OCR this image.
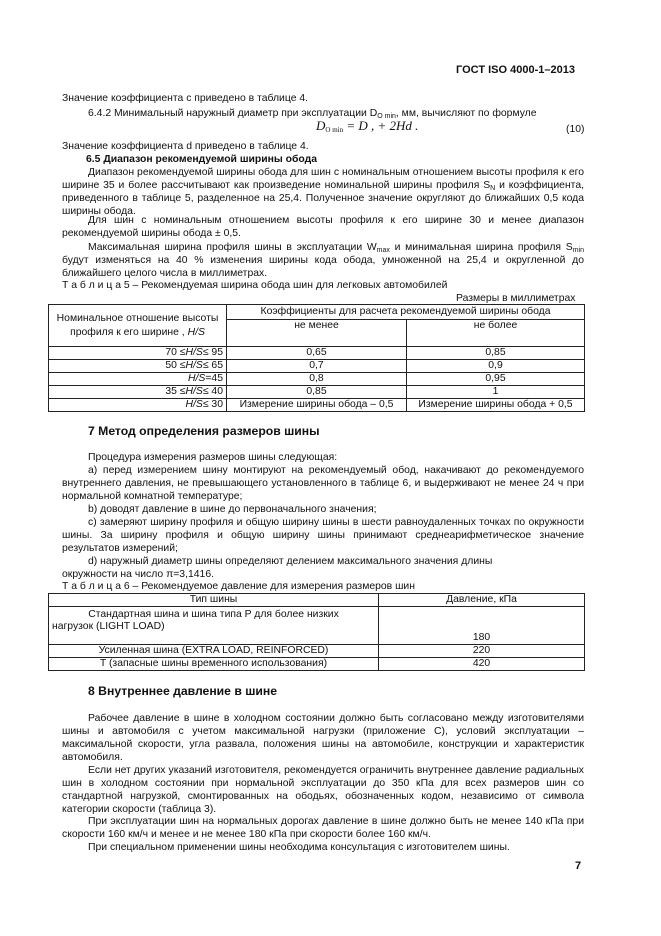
ГОСТ ISO 4000-1–2013
Значение коэффициента c приведено в таблице 4.
6.4.2 Минимальный наружный диаметр при эксплуатации $D_{O min}$, мм, вычисляют по формуле
$D_{O min} = D$ , + 2Hd .	(10)
Значение коэффициента d приведено в таблице 4.
6.5 Диапазон рекомендуемой ширины обода
Диапазон рекомендуемой ширины обода для шин с номинальным отношением высоты профиля к его ширине 35 и более рассчитывают как произведение номинальной ширины профиля $S_N$ и коэффициента, приведенного в таблице 5, разделенное на 25,4. Полученное значение округляют до ближайших 0,5 кода ширины обода.
Для шин с номинальным отношением высоты профиля к его ширине 30 и менее диапазон рекомендуемой ширины обода ± 0,5.
Максимальная ширина профиля шины в эксплуатации $W_{max}$ и минимальная ширина профиля $S_{min}$ будут изменяться на 40 % изменения ширины кода обода, умноженной на 25,4 и округленной до ближайшего целого числа в миллиметрах.
Т а б л и ц а 5 – Рекомендуемая ширина обода шин для легковых автомобилей
Размеры в миллиметрах
Номинальное отношение высоты профиля к его ширине , H/S	Коэффициенты для расчета рекомендуемой ширины обода	
	не менее	не более
70 ≤H/S≤ 95	0,65	0,85
50 ≤H/S≤ 65	0,7	0,9
H/S=45	0,8	0,95
35 ≤H/S≤ 40	0,85	1
H/S≤ 30	Измерение ширины обода – 0,5	Измерение ширины обода + 0,5
7 Метод определения размеров шины
Процедура измерения размеров шины следующая:
а) перед измерением шину монтируют на рекомендуемый обод, накачивают до рекомендуемого внутреннего давления, не превышающего установленного в таблице 6, и выдерживают не менее 24 ч при нормальной комнатной температуре;
b) доводят давление в шине до первоначального значения;
c) замеряют ширину профиля и общую ширину шины в шести равноудаленных точках по окружности шины. За ширину профиля и общую ширину шины принимают среднеарифметическое значение результатов измерений;
d) наружный диаметр шины определяют делением максимального значения длины
окружности на число π=3,1416.
Т а б л и ц а 6 – Рекомендуемое давление для измерения размеров шин
Тип шины	Давление, кПа

Стандартная шина и шина типа P для более низких
нагрузок (LIGHT LOAD)	180
Усиленная шина (EXTRA LOAD, REINFORCED)	220
T (запасные шины временного использования)	420
8 Внутреннее давление в шине
Рабочее давление в шине в холодном состоянии должно быть согласовано между изготовителями шины и автомобиля с учетом максимальной нагрузки (приложение C), условий эксплуатации – максимальной скорости, угла развала, положения шины на автомобиле, конструкции и характеристик автомобиля.
Если нет других указаний изготовителя, рекомендуется ограничить внутреннее давление радиальных шин в холодном состоянии при нормальной эксплуатации до 350 кПа для всех размеров шин со стандартной нагрузкой, смонтированных на ободьях, обозначенных кодом, независимо от символа категории скорости (таблица 3).
При эксплуатации шин на нормальных дорогах давление в шине должно быть не менее 140 кПа при скорости 160 км/ч и менее и не менее 180 кПа при скорости более 160 км/ч.
При специальном применении шины необходима консультация с изготовителем шины.
7
